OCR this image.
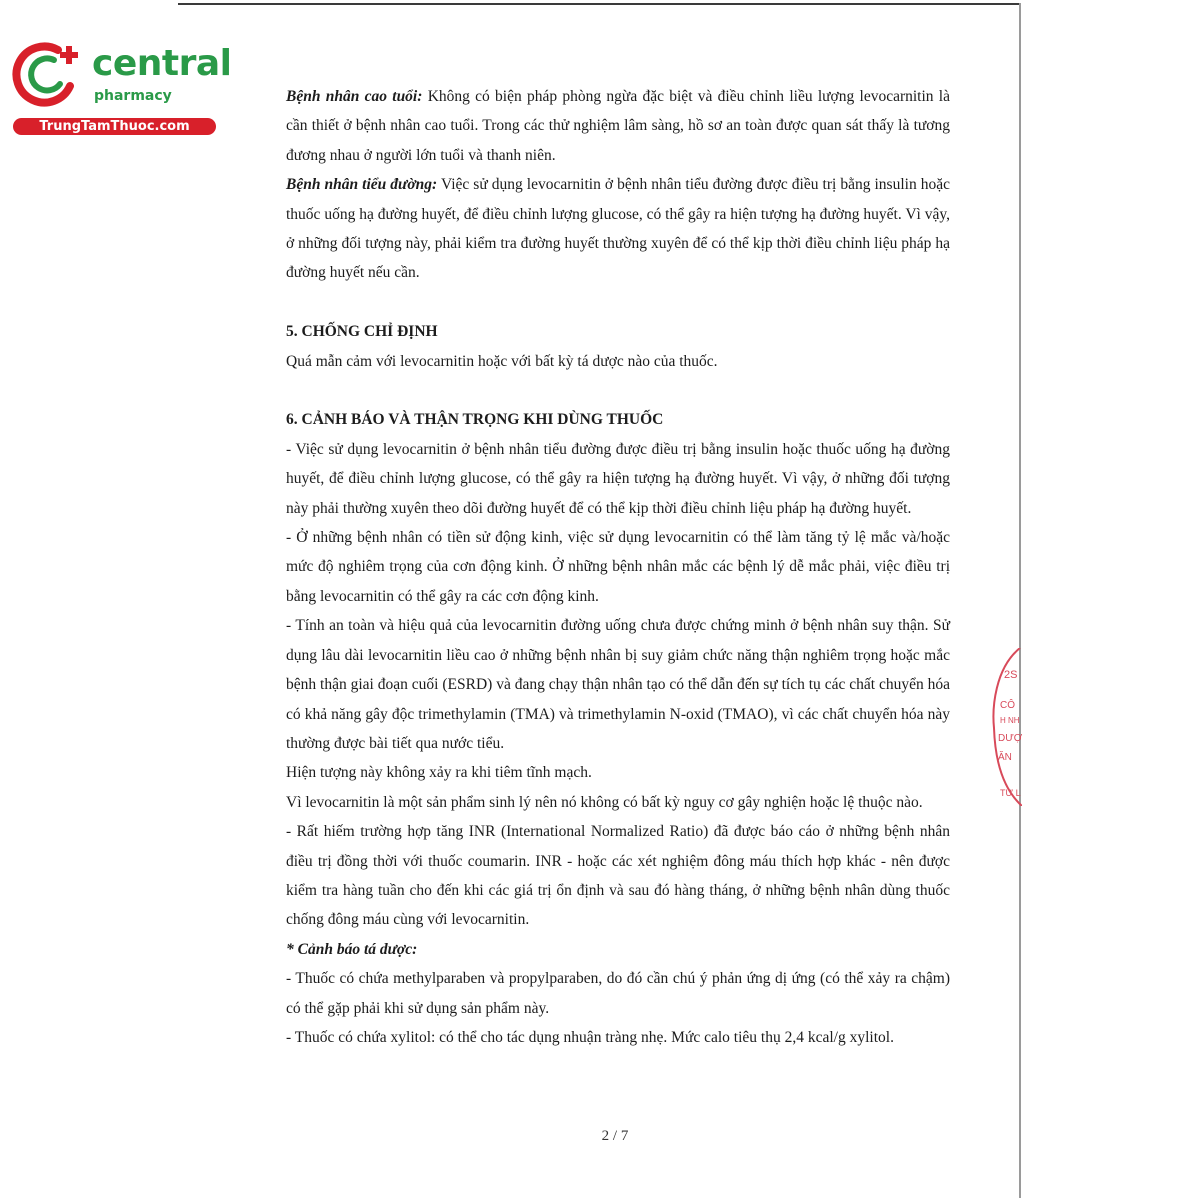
central
pharmacy
TrungTamThuoc.com
2S
CÔ
H NH
DƯỢ
ĂN
TỪ L

Bệnh nhân cao tuổi: Không có biện pháp phòng ngừa đặc biệt và điều chỉnh liều lượng levocarnitin là cần thiết ở bệnh nhân cao tuổi. Trong các thử nghiệm lâm sàng, hồ sơ an toàn được quan sát thấy là tương đương nhau ở người lớn tuổi và thanh niên.

Bệnh nhân tiểu đường: Việc sử dụng levocarnitin ở bệnh nhân tiểu đường được điều trị bằng insulin hoặc thuốc uống hạ đường huyết, để điều chỉnh lượng glucose, có thể gây ra hiện tượng hạ đường huyết. Vì vậy, ở những đối tượng này, phải kiểm tra đường huyết thường xuyên để có thể kịp thời điều chỉnh liệu pháp hạ đường huyết nếu cần.

5. CHỐNG CHỈ ĐỊNH

Quá mẫn cảm với levocarnitin hoặc với bất kỳ tá dược nào của thuốc.

6. CẢNH BÁO VÀ THẬN TRỌNG KHI DÙNG THUỐC

- Việc sử dụng levocarnitin ở bệnh nhân tiểu đường được điều trị bằng insulin hoặc thuốc uống hạ đường huyết, để điều chỉnh lượng glucose, có thể gây ra hiện tượng hạ đường huyết. Vì vậy, ở những đối tượng này phải thường xuyên theo dõi đường huyết để có thể kịp thời điều chỉnh liệu pháp hạ đường huyết.

- Ở những bệnh nhân có tiền sử động kinh, việc sử dụng levocarnitin có thể làm tăng tỷ lệ mắc và/hoặc mức độ nghiêm trọng của cơn động kinh. Ở những bệnh nhân mắc các bệnh lý dễ mắc phải, việc điều trị bằng levocarnitin có thể gây ra các cơn động kinh.

- Tính an toàn và hiệu quả của levocarnitin đường uống chưa được chứng minh ở bệnh nhân suy thận. Sử dụng lâu dài levocarnitin liều cao ở những bệnh nhân bị suy giảm chức năng thận nghiêm trọng hoặc mắc bệnh thận giai đoạn cuối (ESRD) và đang chạy thận nhân tạo có thể dẫn đến sự tích tụ các chất chuyển hóa có khả năng gây độc trimethylamin (TMA) và trimethylamin N-oxid (TMAO), vì các chất chuyển hóa này thường được bài tiết qua nước tiểu.

Hiện tượng này không xảy ra khi tiêm tĩnh mạch.

Vì levocarnitin là một sản phẩm sinh lý nên nó không có bất kỳ nguy cơ gây nghiện hoặc lệ thuộc nào.

- Rất hiếm trường hợp tăng INR (International Normalized Ratio) đã được báo cáo ở những bệnh nhân điều trị đồng thời với thuốc coumarin. INR - hoặc các xét nghiệm đông máu thích hợp khác - nên được kiểm tra hàng tuần cho đến khi các giá trị ổn định và sau đó hàng tháng, ở những bệnh nhân dùng thuốc chống đông máu cùng với levocarnitin.

* Cảnh báo tá dược:

- Thuốc có chứa methylparaben và propylparaben, do đó cần chú ý phản ứng dị ứng (có thể xảy ra chậm) có thể gặp phải khi sử dụng sản phẩm này.

- Thuốc có chứa xylitol: có thể cho tác dụng nhuận tràng nhẹ. Mức calo tiêu thụ 2,4 kcal/g xylitol.

2 / 7
